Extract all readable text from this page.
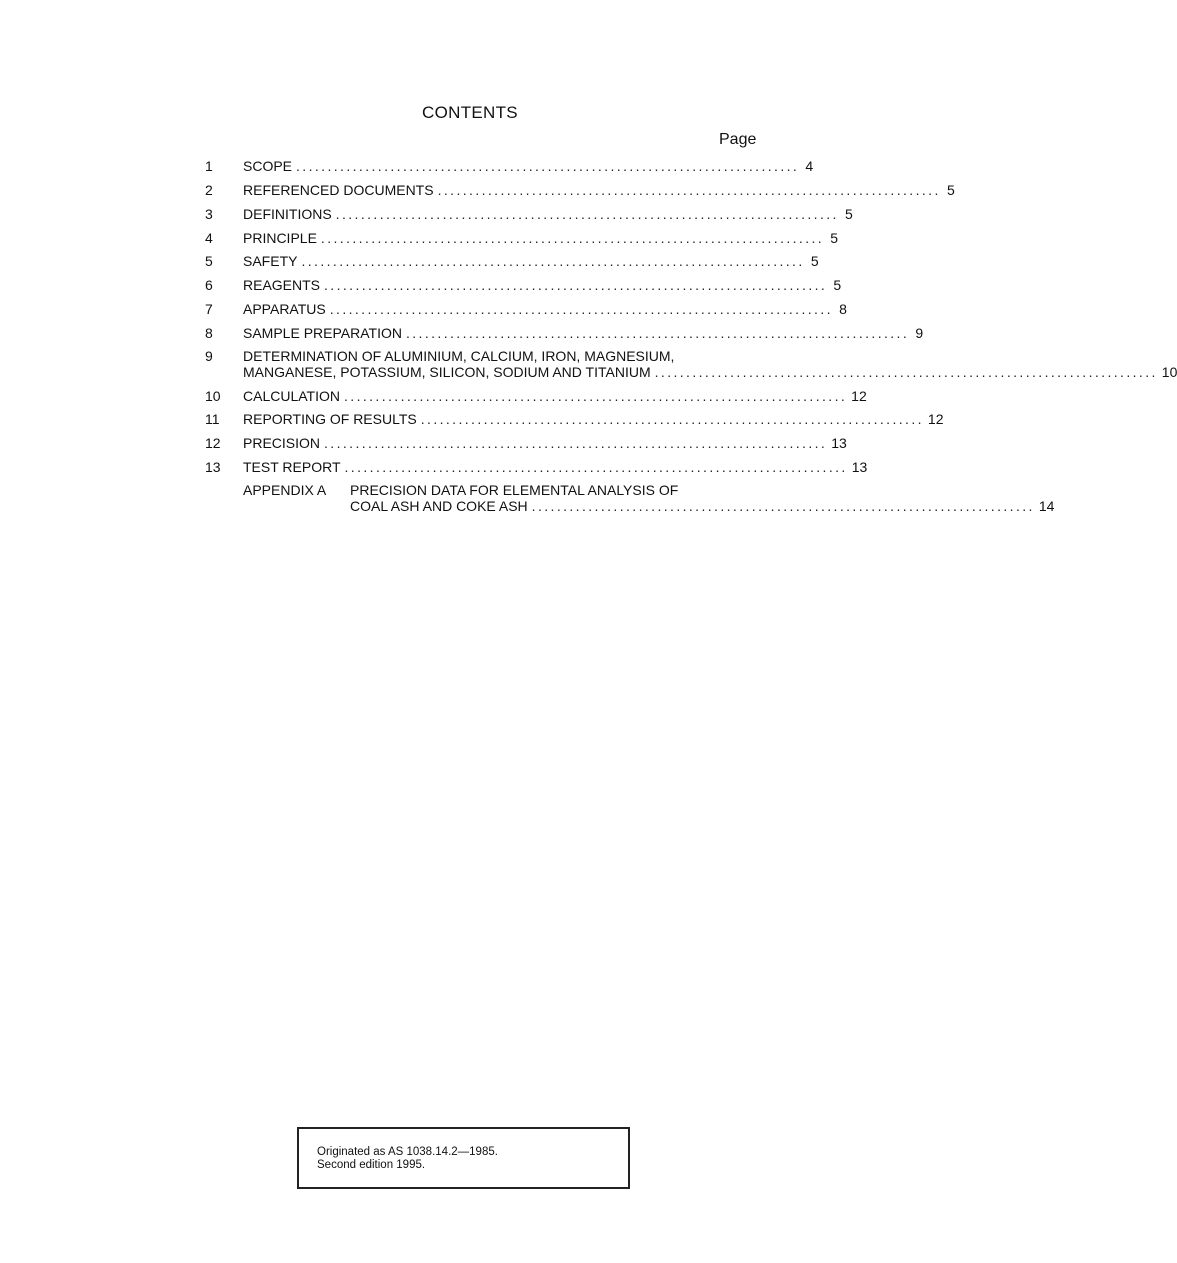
CONTENTS
Page
1 SCOPE ................................................................................ 4
2 REFERENCED DOCUMENTS ................................................................................ 5
3 DEFINITIONS ................................................................................ 5
4 PRINCIPLE ................................................................................ 5
5 SAFETY ................................................................................ 5
6 REAGENTS ................................................................................ 5
7 APPARATUS ................................................................................ 8
8 SAMPLE PREPARATION ................................................................................ 9
9 DETERMINATION OF ALUMINIUM, CALCIUM, IRON, MAGNESIUM,
MANGANESE, POTASSIUM, SILICON, SODIUM AND TITANIUM ................................................................................ 10
10 CALCULATION ................................................................................ 12
11 REPORTING OF RESULTS ................................................................................ 12
12 PRECISION ................................................................................ 13
13 TEST REPORT ................................................................................ 13
APPENDIX A PRECISION DATA FOR ELEMENTAL ANALYSIS OF
COAL ASH AND COKE ASH ................................................................................ 14
Originated as AS 1038.14.2—1985.
Second edition 1995.
